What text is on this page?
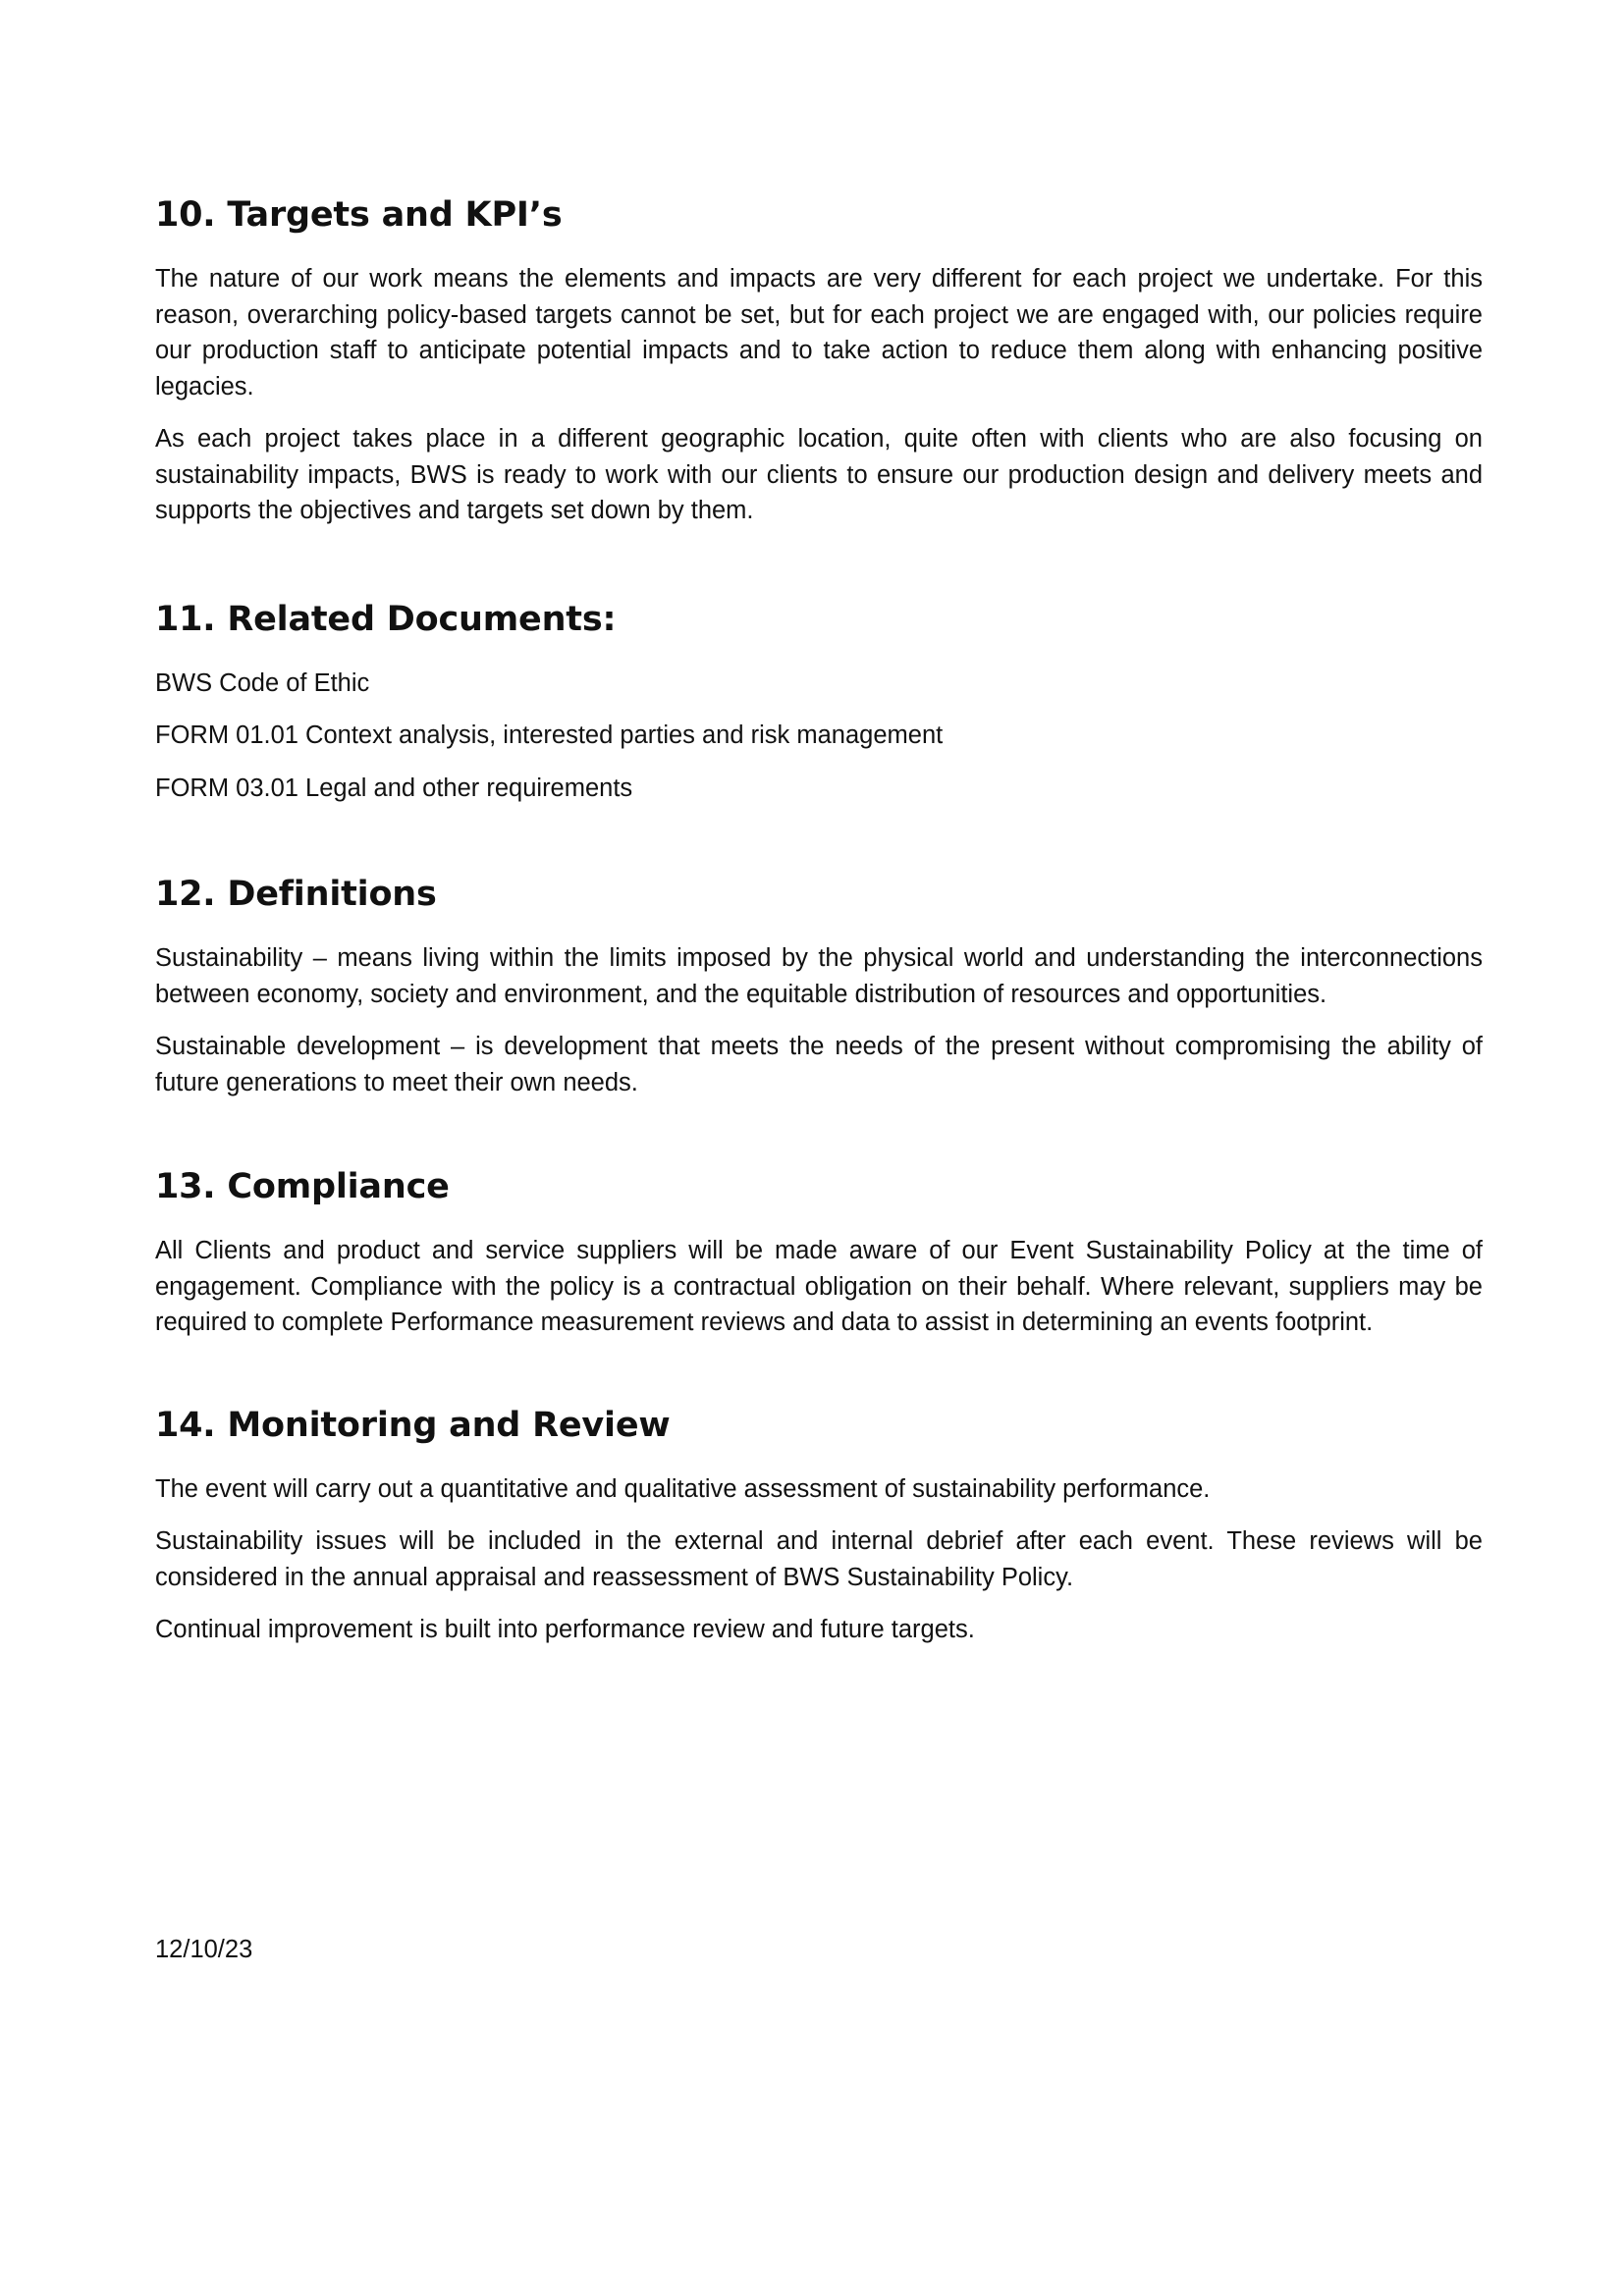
10. Targets and KPI’s

The nature of our work means the elements and impacts are very different for each project we undertake. For this reason, overarching policy-based targets cannot be set, but for each project we are engaged with, our policies require our production staff to anticipate potential impacts and to take action to reduce them along with enhancing positive legacies.

As each project takes place in a different geographic location, quite often with clients who are also focusing on sustainability impacts, BWS is ready to work with our clients to ensure our production design and delivery meets and supports the objectives and targets set down by them.

11. Related Documents:

BWS Code of Ethic

FORM 01.01 Context analysis, interested parties and risk management

FORM 03.01 Legal and other requirements

12. Definitions

Sustainability – means living within the limits imposed by the physical world and understanding the interconnections between economy, society and environment, and the equitable distribution of resources and opportunities.

Sustainable development – is development that meets the needs of the present without compromising the ability of future generations to meet their own needs.

13. Compliance

All Clients and product and service suppliers will be made aware of our Event Sustainability Policy at the time of engagement. Compliance with the policy is a contractual obligation on their behalf. Where relevant, suppliers may be required to complete Performance measurement reviews and data to assist in determining an events footprint.

14. Monitoring and Review

The event will carry out a quantitative and qualitative assessment of sustainability performance.

Sustainability issues will be included in the external and internal debrief after each event. These reviews will be considered in the annual appraisal and reassessment of BWS Sustainability Policy.

Continual improvement is built into performance review and future targets.

12/10/23
